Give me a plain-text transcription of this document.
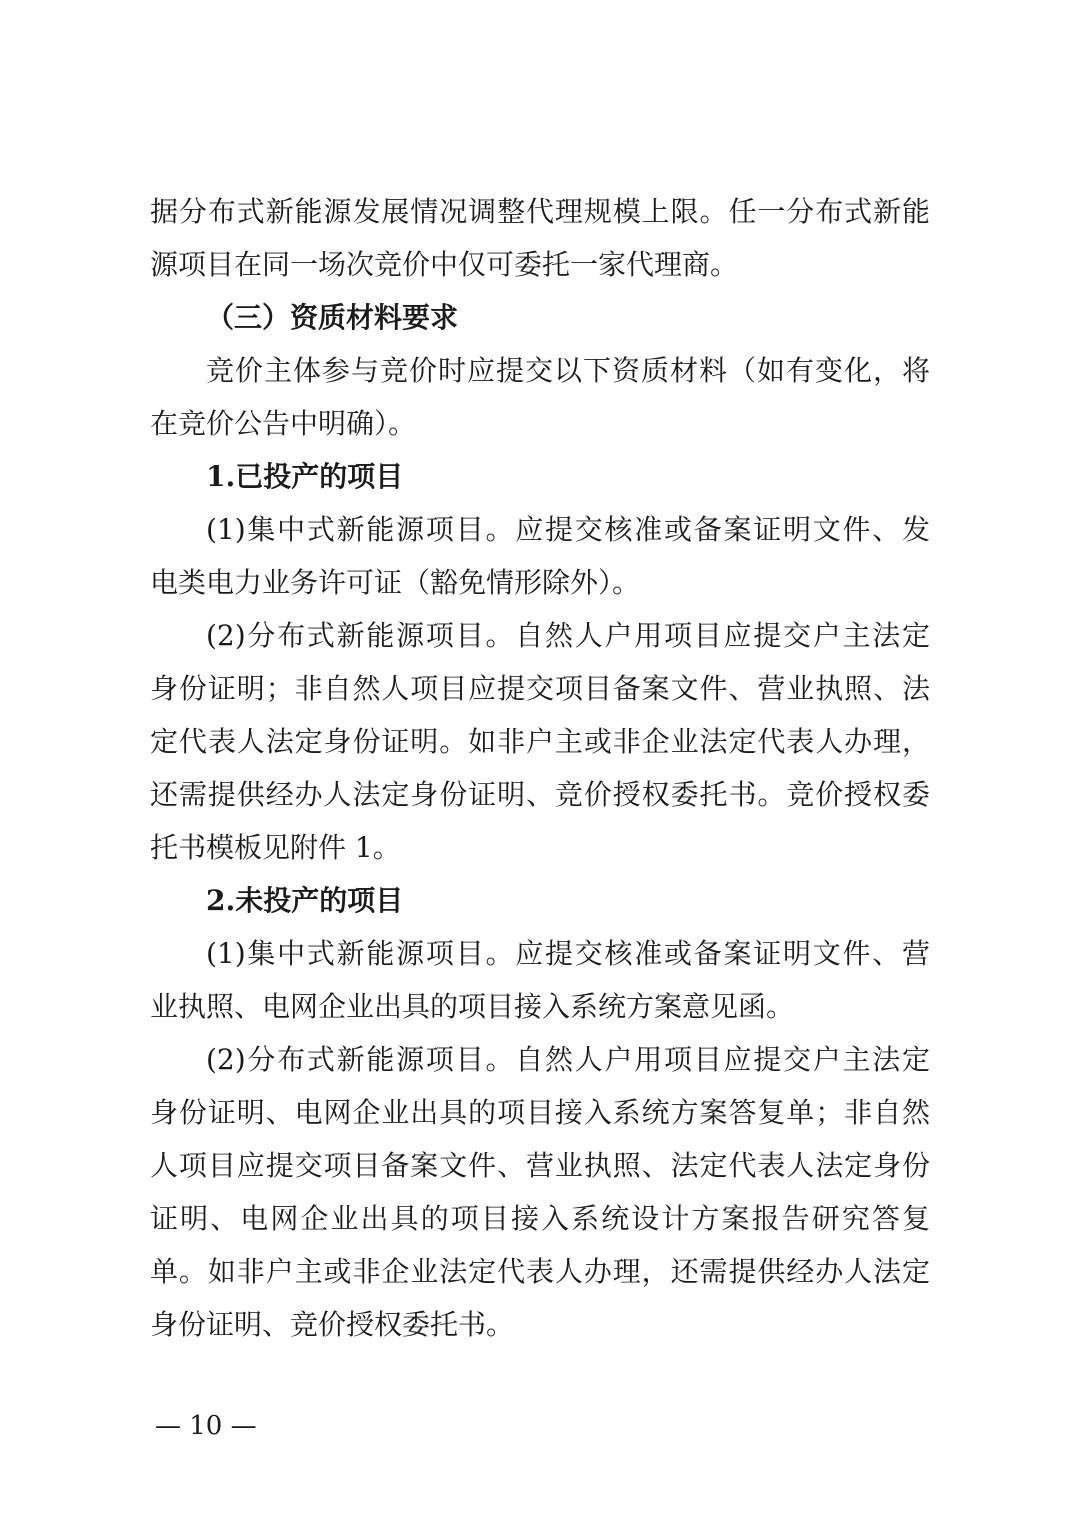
据分布式新能源发展情况调整代理规模上限。任一分布式新能
源项目在同一场次竞价中仅可委托一家代理商。
（三）资质材料要求
竞价主体参与竞价时应提交以下资质材料（如有变化，将
在竞价公告中明确）。
1.已投产的项目
(1)集中式新能源项目。应提交核准或备案证明文件、发
电类电力业务许可证（豁免情形除外）。
(2)分布式新能源项目。自然人户用项目应提交户主法定
身份证明；非自然人项目应提交项目备案文件、营业执照、法
定代表人法定身份证明。如非户主或非企业法定代表人办理，
还需提供经办人法定身份证明、竞价授权委托书。竞价授权委
托书模板见附件 1。
2.未投产的项目
(1)集中式新能源项目。应提交核准或备案证明文件、营
业执照、电网企业出具的项目接入系统方案意见函。
(2)分布式新能源项目。自然人户用项目应提交户主法定
身份证明、电网企业出具的项目接入系统方案答复单；非自然
人项目应提交项目备案文件、营业执照、法定代表人法定身份
证明、电网企业出具的项目接入系统设计方案报告研究答复
单。如非户主或非企业法定代表人办理，还需提供经办人法定
身份证明、竞价授权委托书。
— 10 —
